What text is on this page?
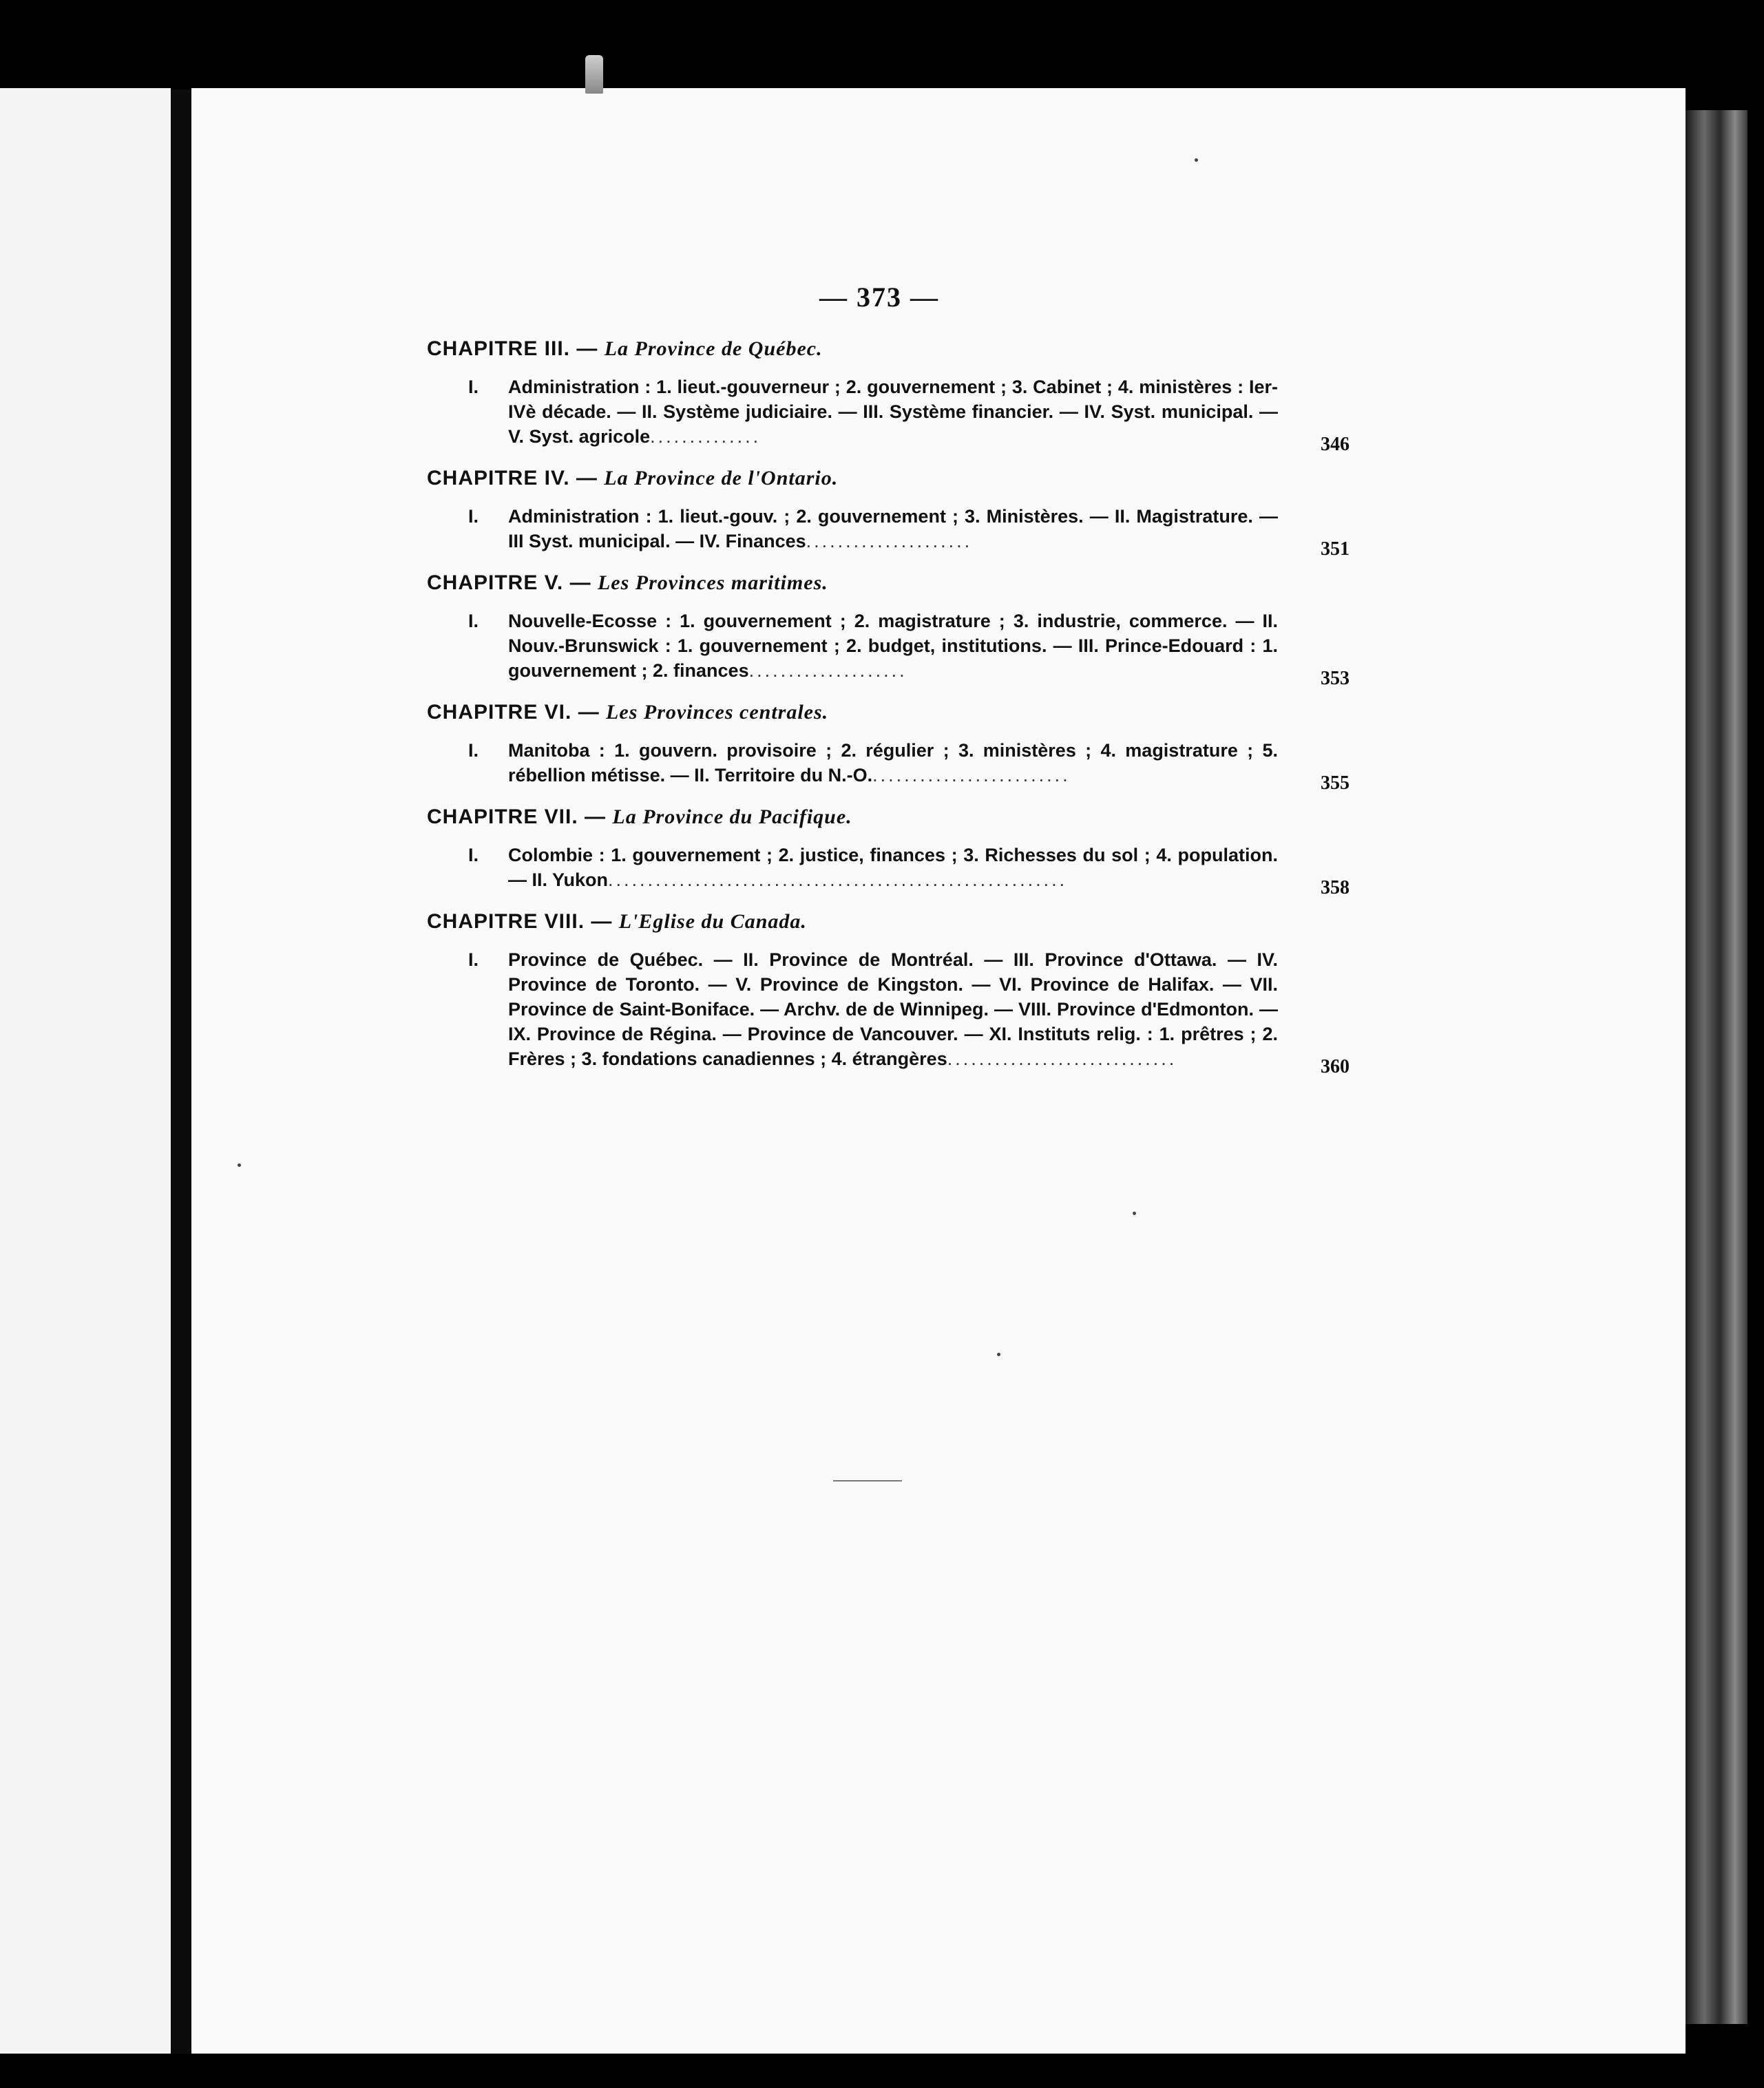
— 373 —
CHAPITRE III. — La Province de Québec.
I.	Administration : 1. lieut.-gouverneur ; 2. gouvernement ; 3. Cabinet ; 4. ministères : Ier-IVè décade. — II. Système judiciaire. — III. Système financier. — IV. Syst. municipal. — V. Syst. agricole..............	346
CHAPITRE IV. — La Province de l'Ontario.
I.	Administration : 1. lieut.-gouv. ; 2. gouvernement ; 3. Ministères. — II. Magistrature. — III Syst. municipal. — IV. Finances.....................	351
CHAPITRE V. — Les Provinces maritimes.
I.	Nouvelle-Ecosse : 1. gouvernement ; 2. magistrature ; 3. industrie, commerce. — II. Nouv.-Brunswick : 1. gouvernement ; 2. budget, institutions. — III. Prince-Edouard : 1. gouvernement ; 2. finances....................	353
CHAPITRE VI. — Les Provinces centrales.
I.	Manitoba : 1. gouvern. provisoire ; 2. régulier ; 3. ministères ; 4. magistrature ; 5. rébellion métisse. — II. Territoire du N.-O..........................	355
CHAPITRE VII. — La Province du Pacifique.
I.	Colombie : 1. gouvernement ; 2. justice, finances ; 3. Richesses du sol ; 4. population. — II. Yukon..........................................................	358
CHAPITRE VIII. — L'Eglise du Canada.
I.	Province de Québec. — II. Province de Montréal. — III. Province d'Ottawa. — IV. Province de Toronto. — V. Province de Kingston. — VI. Province de Halifax. — VII. Province de Saint-Boniface. — Archv. de de Winnipeg. — VIII. Province d'Edmonton. — IX. Province de Régina. — Province de Vancouver. — XI. Instituts relig. : 1. prêtres ; 2. Frères ; 3. fondations canadiennes ; 4. étrangères.............................	360
